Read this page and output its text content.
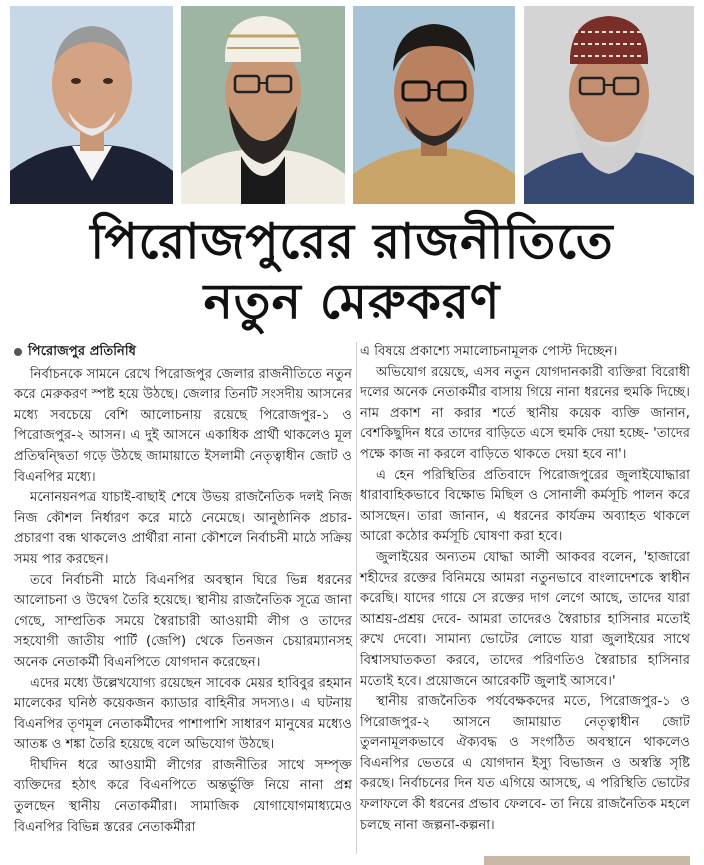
পিরোজপুরের রাজনীতিতে
নতুন মেরুকরণ
পিরোজপুর প্রতিনিধি

নির্বাচনকে সামনে রেখে পিরোজপুর জেলার রাজনীতিতে নতুন করে মেরুকরণ স্পষ্ট হয়ে উঠছে। জেলার তিনটি সংসদীয় আসনের মধ্যে সবচেয়ে বেশি আলোচনায় রয়েছে পিরোজপুর-১ ও পিরোজপুর-২ আসন। এ দুই আসনে একাধিক প্রার্থী থাকলেও মূল প্রতিদ্বন্দ্বিতা গড়ে উঠছে জামায়াতে ইসলামী নেতৃত্বাধীন জোট ও বিএনপির মধ্যে।

মনোনয়নপত্র যাচাই-বাছাই শেষে উভয় রাজনৈতিক দলই নিজ নিজ কৌশল নির্ধারণ করে মাঠে নেমেছে। আনুষ্ঠানিক প্রচার-প্রচারণা বন্ধ থাকলেও প্রার্থীরা নানা কৌশলে নির্বাচনী মাঠে সক্রিয় সময় পার করছেন।

তবে নির্বাচনী মাঠে বিএনপির অবস্থান ঘিরে ভিন্ন ধরনের আলোচনা ও উদ্বেগ তৈরি হয়েছে। স্থানীয় রাজনৈতিক সূত্রে জানা গেছে, সাম্প্রতিক সময়ে স্বৈরাচারী আওয়ামী লীগ ও তাদের সহযোগী জাতীয় পার্টি (জেপি) থেকে তিনজন চেয়ারম্যানসহ অনেক নেতাকর্মী বিএনপিতে যোগদান করেছেন।

এদের মধ্যে উল্লেখযোগ্য রয়েছেন সাবেক মেয়র হাবিবুর রহমান মালেকের ঘনিষ্ঠ কয়েকজন ক্যাডার বাহিনীর সদস্যও। এ ঘটনায় বিএনপির তৃণমূল নেতাকর্মীদের পাশাপাশি সাধারণ মানুষের মধ্যেও আতঙ্ক ও শঙ্কা তৈরি হয়েছে বলে অভিযোগ উঠছে।

দীর্ঘদিন ধরে আওয়ামী লীগের রাজনীতির সাথে সম্পৃক্ত ব্যক্তিদের হঠাৎ করে বিএনপিতে অন্তর্ভুক্তি নিয়ে নানা প্রশ্ন তুলছেন স্থানীয় নেতাকর্মীরা। সামাজিক যোগাযোগমাধ্যমেও বিএনপির বিভিন্ন স্তরের নেতাকর্মীরা

এ বিষয়ে প্রকাশ্যে সমালোচনামূলক পোস্ট দিচ্ছেন।

অভিযোগ রয়েছে, এসব নতুন যোগদানকারী ব্যক্তিরা বিরোধী দলের অনেক নেতাকর্মীর বাসায় গিয়ে নানা ধরনের হুমকি দিচ্ছে। নাম প্রকাশ না করার শর্তে স্থানীয় কয়েক ব্যক্তি জানান, বেশকিছুদিন ধরে তাদের বাড়িতে এসে হুমকি দেয়া হচ্ছে- 'তাদের পক্ষে কাজ না করলে বাড়িতে থাকতে দেয়া হবে না'।

এ হেন পরিস্থিতির প্রতিবাদে পিরোজপুরের জুলাইযোদ্ধারা ধারাবাহিকভাবে বিক্ষোভ মিছিল ও সোনালী কর্মসূচি পালন করে আসছেন। তারা জানান, এ ধরনের কার্যক্রম অব্যাহত থাকলে আরো কঠোর কর্মসূচি ঘোষণা করা হবে।

জুলাইয়ের অন্যতম যোদ্ধা আলী আকবর বলেন, 'হাজারো শহীদের রক্তের বিনিময়ে আমরা নতুনভাবে বাংলাদেশকে স্বাধীন করেছি। যাদের গায়ে সে রক্তের দাগ লেগে আছে, তাদের যারা আশ্রয়-প্রশ্রয় দেবে- আমরা তাদেরও স্বৈরাচার হাসিনার মতোই রুখে দেবো। সামান্য ভোটের লোভে যারা জুলাইয়ের সাথে বিশ্বাসঘাতকতা করবে, তাদের পরিণতিও স্বৈরাচার হাসিনার মতোই হবে। প্রয়োজনে আরেকটি জুলাই আসবে।'

স্থানীয় রাজনৈতিক পর্যবেক্ষকদের মতে, পিরোজপুর-১ ও পিরোজপুর-২ আসনে জামায়াত নেতৃত্বাধীন জোট তুলনামূলকভাবে ঐক্যবদ্ধ ও সংগঠিত অবস্থানে থাকলেও বিএনপির ভেতরে এ যোগদান ইস্যু বিভাজন ও অস্বস্তি সৃষ্টি করছে। নির্বাচনের দিন যত এগিয়ে আসছে, এ পরিস্থিতি ভোটের ফলাফলে কী ধরনের প্রভাব ফেলবে- তা নিয়ে রাজনৈতিক মহলে চলছে নানা জল্পনা-কল্পনা।
